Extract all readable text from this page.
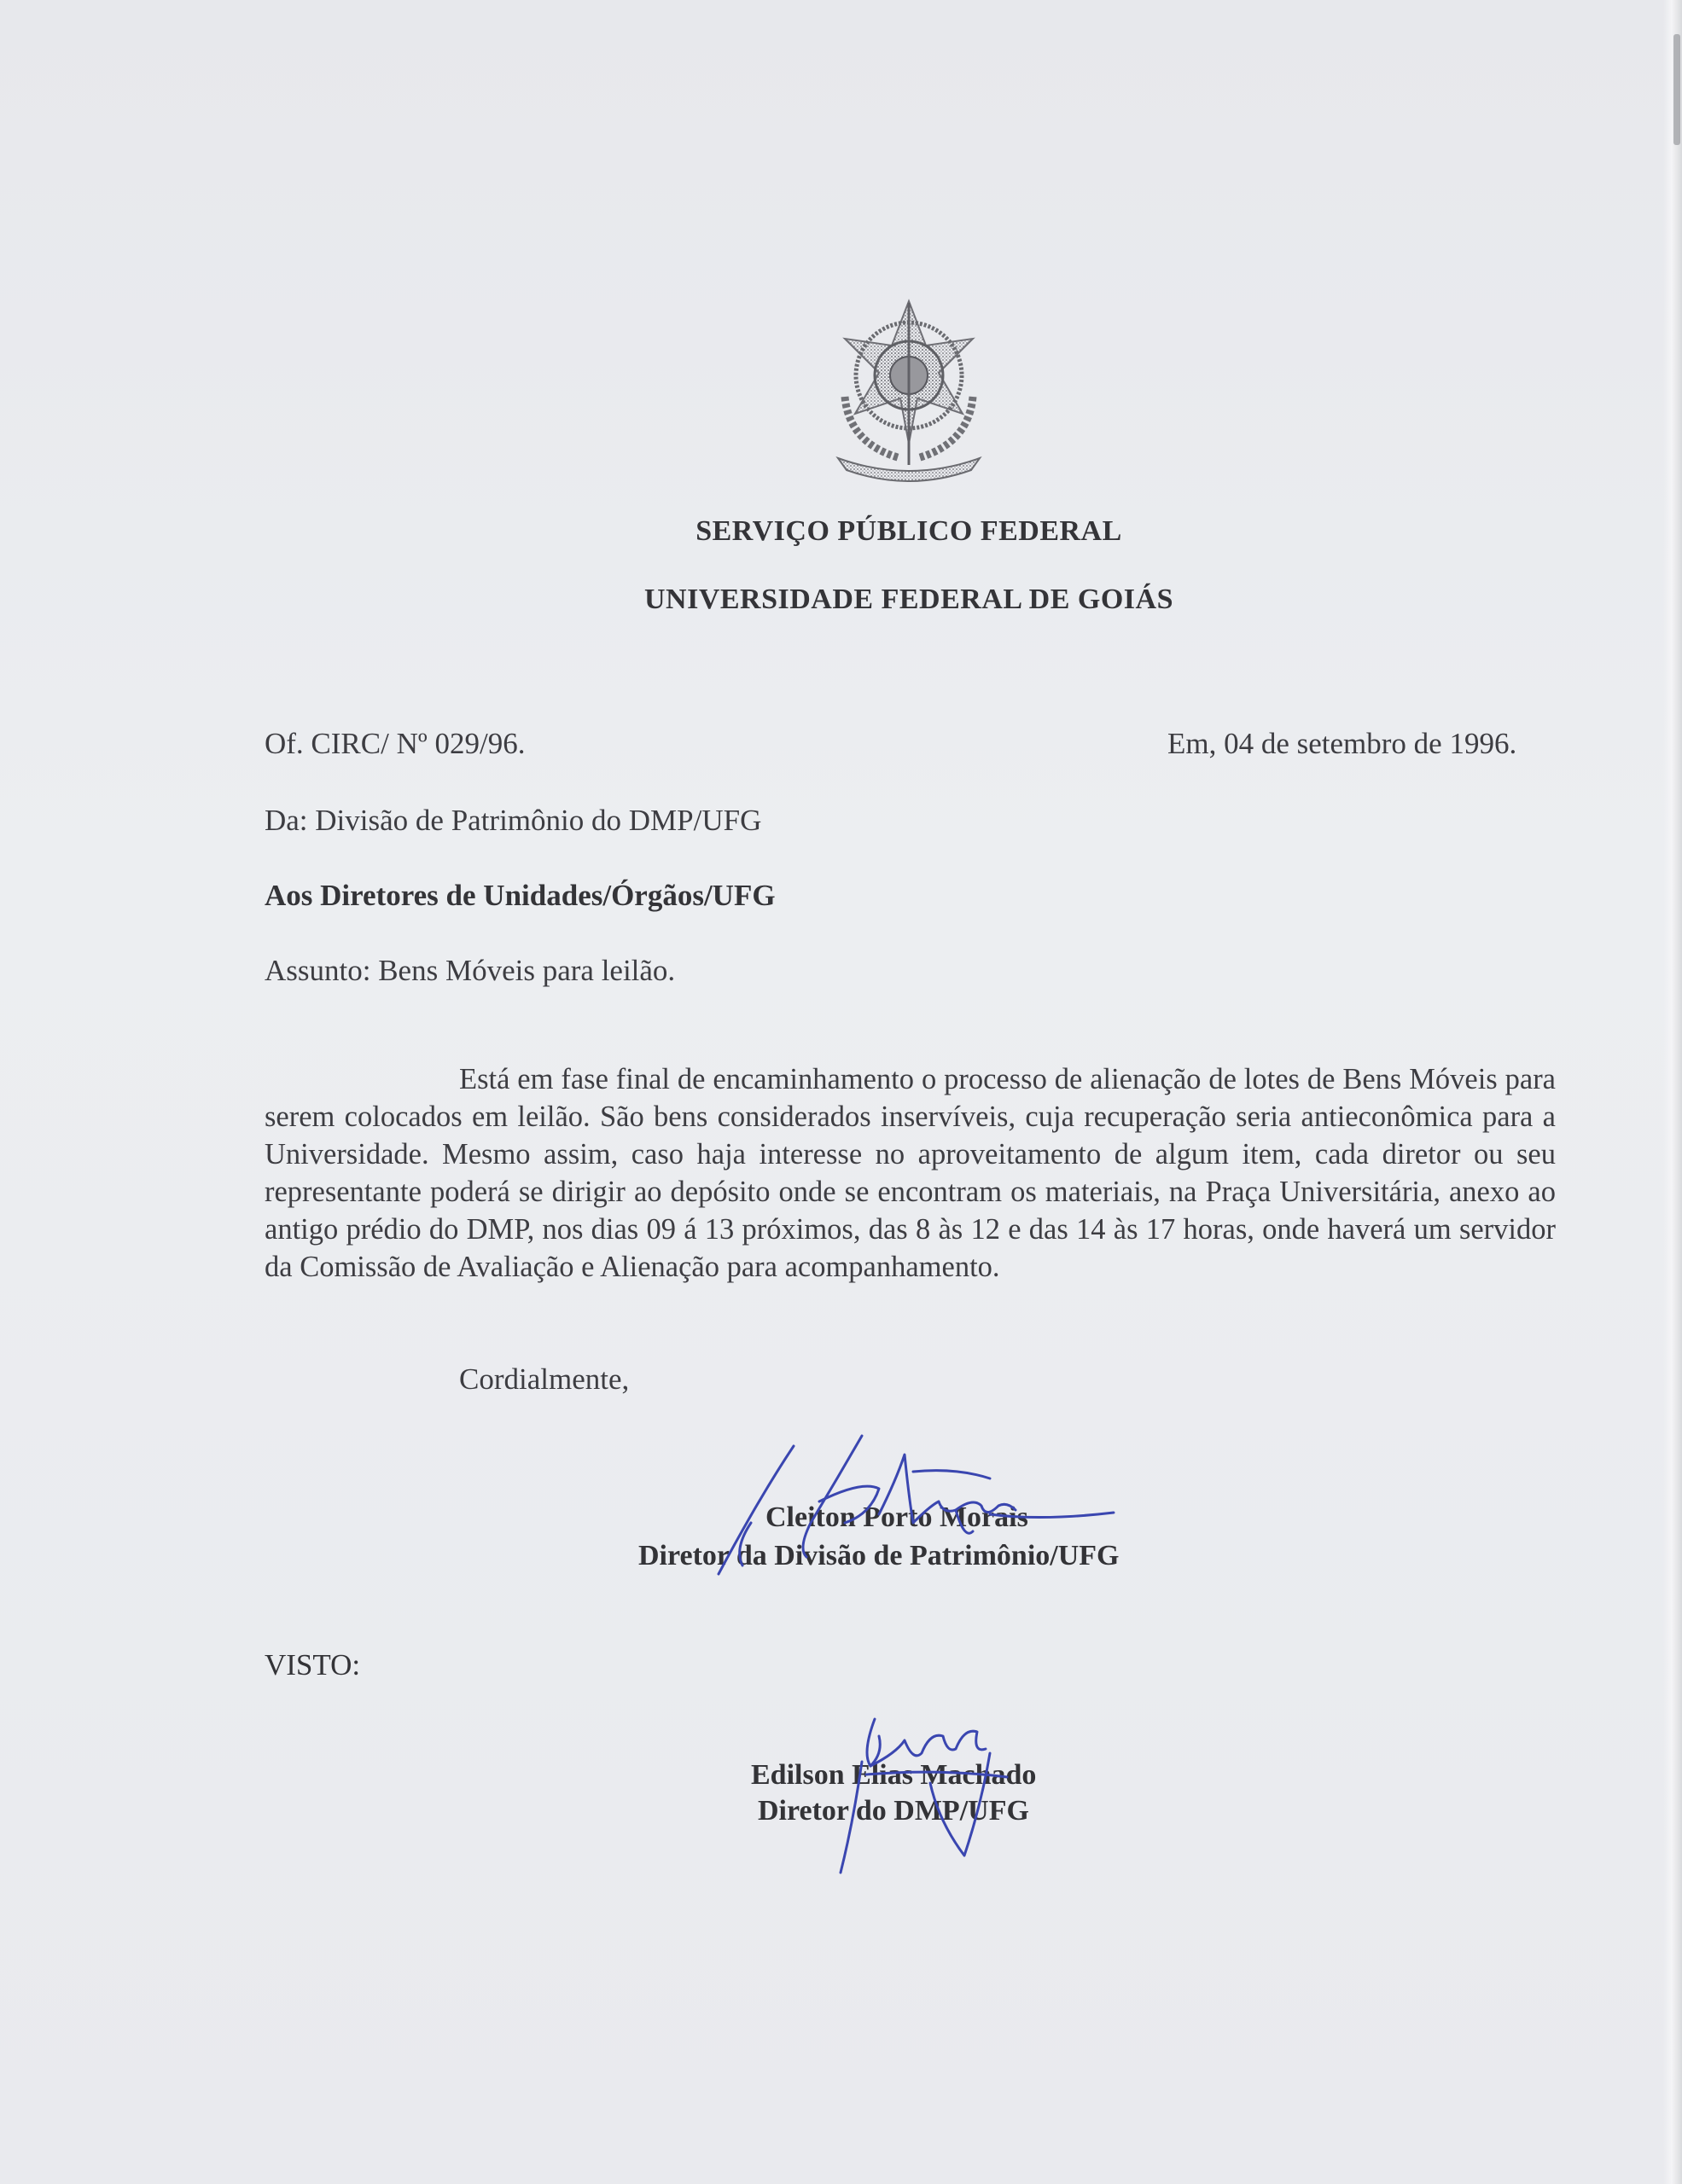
SERVIÇO PÚBLICO FEDERAL
UNIVERSIDADE FEDERAL DE GOIÁS
Of. CIRC/ Nº 029/96.	Em, 04 de setembro de 1996.
Da: Divisão de Patrimônio do DMP/UFG
Aos Diretores de Unidades/Órgãos/UFG
Assunto: Bens Móveis para leilão.
Está em fase final de encaminhamento o processo de alienação de lotes de Bens Móveis para serem colocados em leilão. São bens considerados inservíveis, cuja recuperação seria antieconômica para a Universidade. Mesmo assim, caso haja interesse no aproveitamento de algum item, cada diretor ou seu representante poderá se dirigir ao depósito onde se encontram os materiais, na Praça Universitária, anexo ao antigo prédio do DMP, nos dias 09 á 13 próximos, das 8 às 12 e das 14 às 17 horas, onde haverá um servidor da Comissão de Avaliação e Alienação para acompanhamento.
Cordialmente,
Cleiton Porto Morais
Diretor da Divisão de Patrimônio/UFG
VISTO:
Edilson Elias Machado
Diretor do DMP/UFG
